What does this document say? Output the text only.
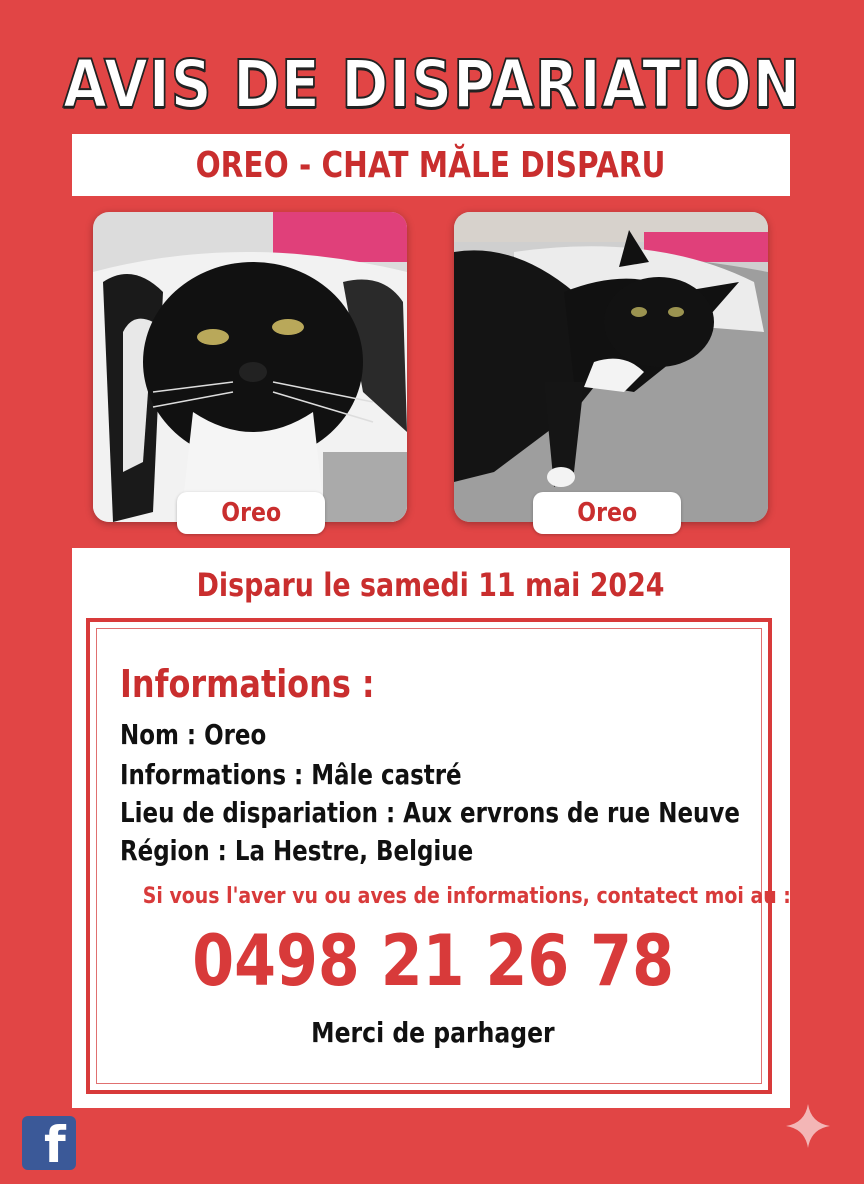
AVIS DE DISPARIATION
OREO - CHAT MĂLE DISPARU
Oreo	Oreo
Disparu le samedi 11 mai 2024
Informations :
Nom : Oreo
Informations : Mâle castré
Lieu de dispariation : Aux ervrons de rue Neuve
Région : La Hestre, Belgiue
Si vous l'aver vu ou aves de informations, contatect moi au :
0498 21 26 78
Merci de parhager
f
